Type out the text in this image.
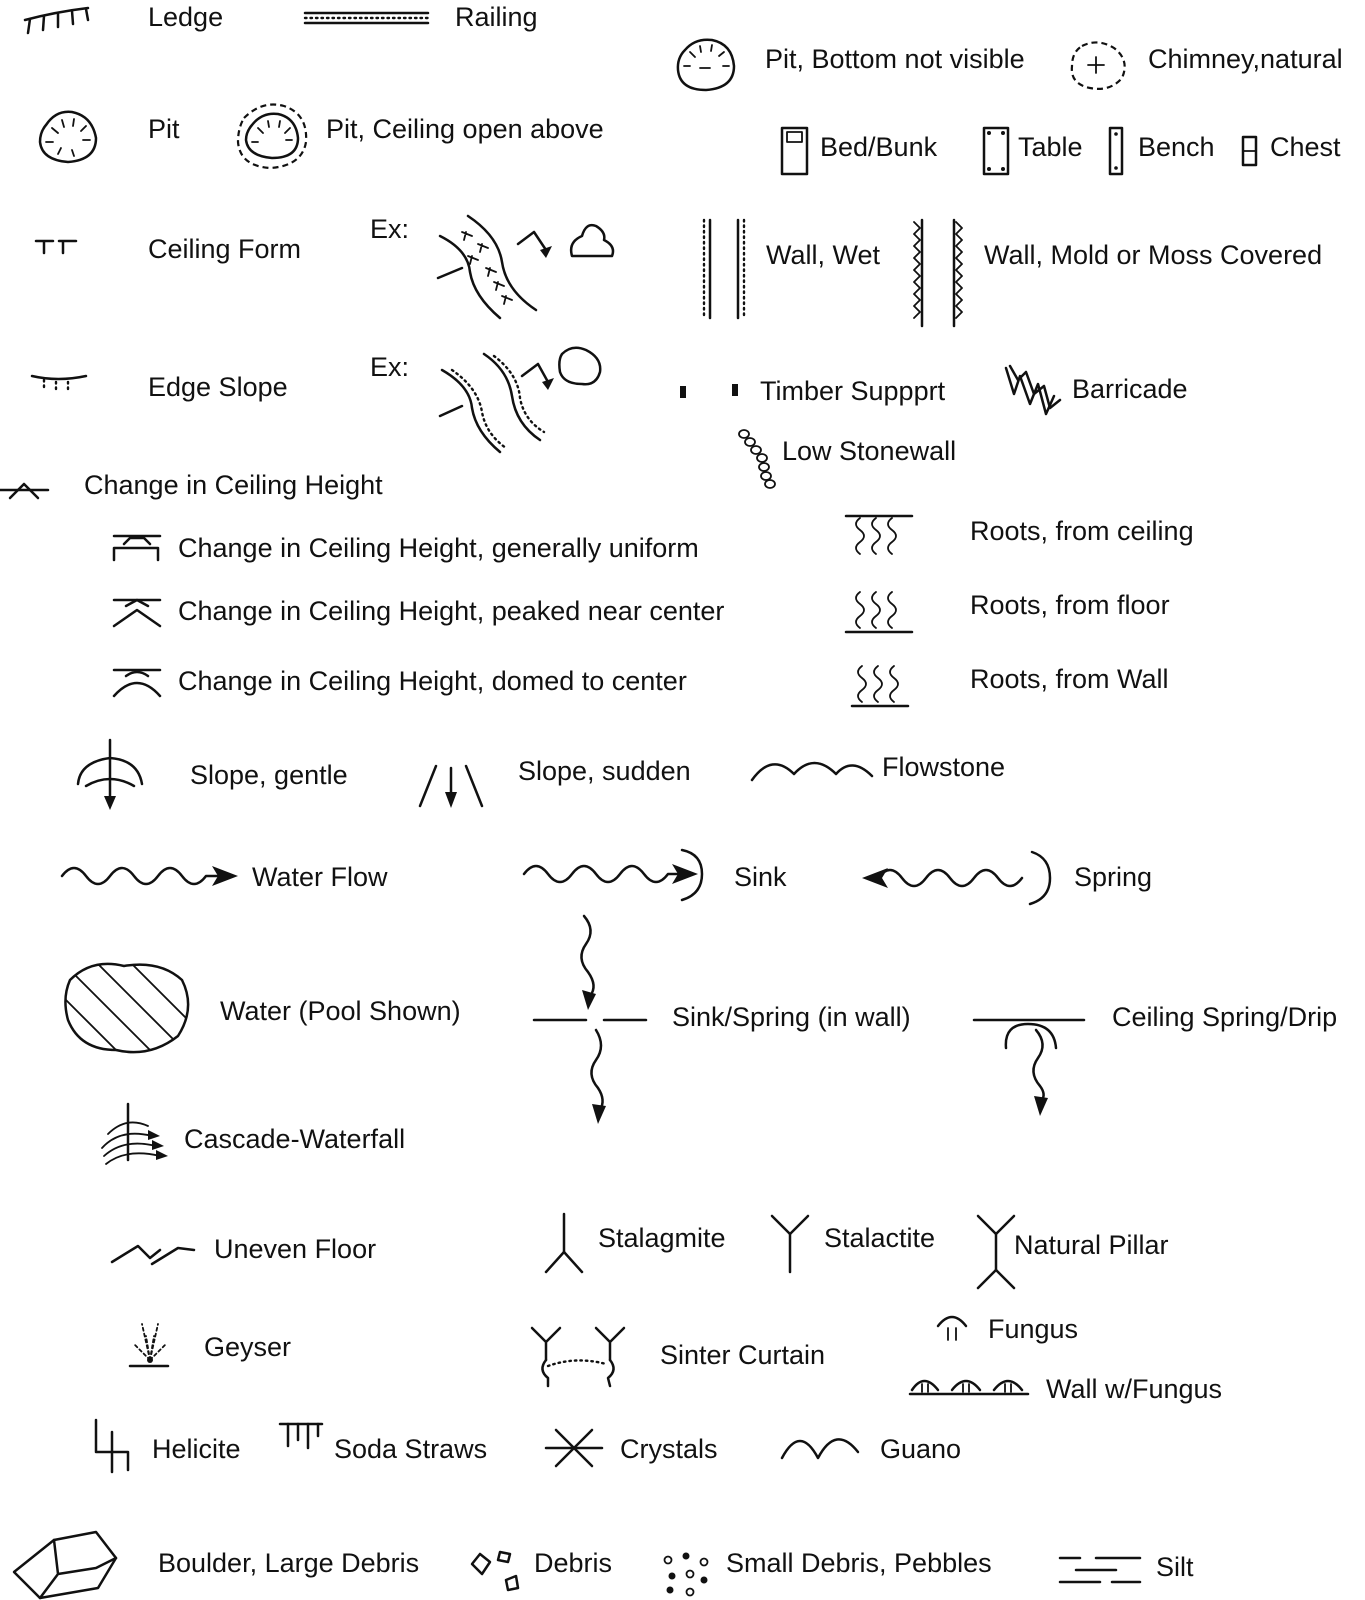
Ledge	Railing
Pit, Bottom not visible	Chimney,natural
Pit	Pit, Ceiling open above
Bed/Bunk	Table Bench Chest
Ceiling Form
Ex:
Wall, Wet	Wall, Mold or Moss Covered
Edge Slope
Ex:
Timber Suppprt	Barricade
Low Stonewall
Change in Ceiling Height
Change in Ceiling Height, generally uniform
Change in Ceiling Height, peaked near center
Change in Ceiling Height, domed to center
Roots, from ceiling
Roots, from floor
Roots, from Wall
Slope, gentle	Slope, sudden	Flowstone
Water Flow	Sink	Spring
Water (Pool Shown)	Sink/Spring (in wall)	Ceiling Spring/Drip
Cascade-Waterfall
Uneven Floor	Stalagmite	Stalactite	Natural Pillar
Geyser	Sinter Curtain
Fungus
Wall w/Fungus
Helicite	Soda Straws	Crystals	Guano
Boulder, Large Debris	Debris	Small Debris, Pebbles	Silt
